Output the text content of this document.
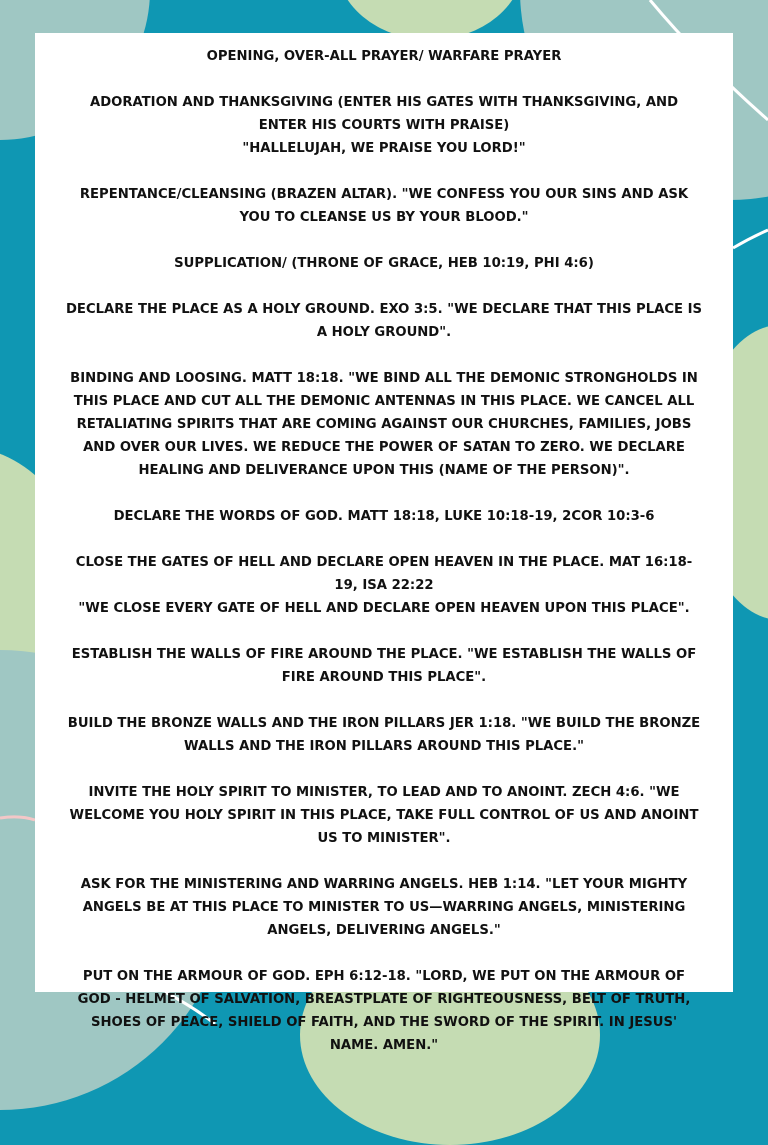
OPENING, OVER-ALL PRAYER/ WARFARE PRAYER
ADORATION AND THANKSGIVING (ENTER HIS GATES WITH THANKSGIVING, AND ENTER HIS COURTS WITH PRAISE)
"HALLELUJAH, WE PRAISE YOU LORD!"
REPENTANCE/CLEANSING (BRAZEN ALTAR). "WE CONFESS YOU OUR SINS AND ASK YOU TO CLEANSE US BY YOUR BLOOD."
SUPPLICATION/ (THRONE OF GRACE, HEB 10:19, PHI 4:6)
DECLARE THE PLACE AS A HOLY GROUND. EXO 3:5. "WE DECLARE THAT THIS PLACE IS A HOLY GROUND".
BINDING AND LOOSING. MATT 18:18. "WE BIND ALL THE DEMONIC STRONGHOLDS IN THIS PLACE AND CUT ALL THE DEMONIC ANTENNAS IN THIS PLACE. WE CANCEL ALL RETALIATING SPIRITS THAT ARE COMING AGAINST OUR CHURCHES, FAMILIES, JOBS AND OVER OUR LIVES. WE REDUCE THE POWER OF SATAN TO ZERO. WE DECLARE HEALING AND DELIVERANCE UPON THIS (NAME OF THE PERSON)".
DECLARE THE WORDS OF GOD. MATT 18:18, LUKE 10:18-19, 2COR 10:3-6
CLOSE THE GATES OF HELL AND DECLARE OPEN HEAVEN IN THE PLACE. MAT 16:18-19, ISA 22:22
"WE CLOSE EVERY GATE OF HELL AND DECLARE OPEN HEAVEN UPON THIS PLACE".
ESTABLISH THE WALLS OF FIRE AROUND THE PLACE. "WE ESTABLISH THE WALLS OF FIRE AROUND THIS PLACE".
BUILD THE BRONZE WALLS AND THE IRON PILLARS JER 1:18. "WE BUILD THE BRONZE WALLS AND THE IRON PILLARS AROUND THIS PLACE."
INVITE THE HOLY SPIRIT TO MINISTER, TO LEAD AND TO ANOINT. ZECH 4:6. "WE WELCOME YOU HOLY SPIRIT IN THIS PLACE, TAKE FULL CONTROL OF US AND ANOINT US TO MINISTER".
ASK FOR THE MINISTERING AND WARRING ANGELS. HEB 1:14. "LET YOUR MIGHTY ANGELS BE AT THIS PLACE TO MINISTER TO US—WARRING ANGELS, MINISTERING ANGELS, DELIVERING ANGELS."
PUT ON THE ARMOUR OF GOD. EPH 6:12-18. "LORD, WE PUT ON THE ARMOUR OF GOD - HELMET OF SALVATION, BREASTPLATE OF RIGHTEOUSNESS, BELT OF TRUTH, SHOES OF PEACE, SHIELD OF FAITH, AND THE SWORD OF THE SPIRIT. IN JESUS' NAME. AMEN."
